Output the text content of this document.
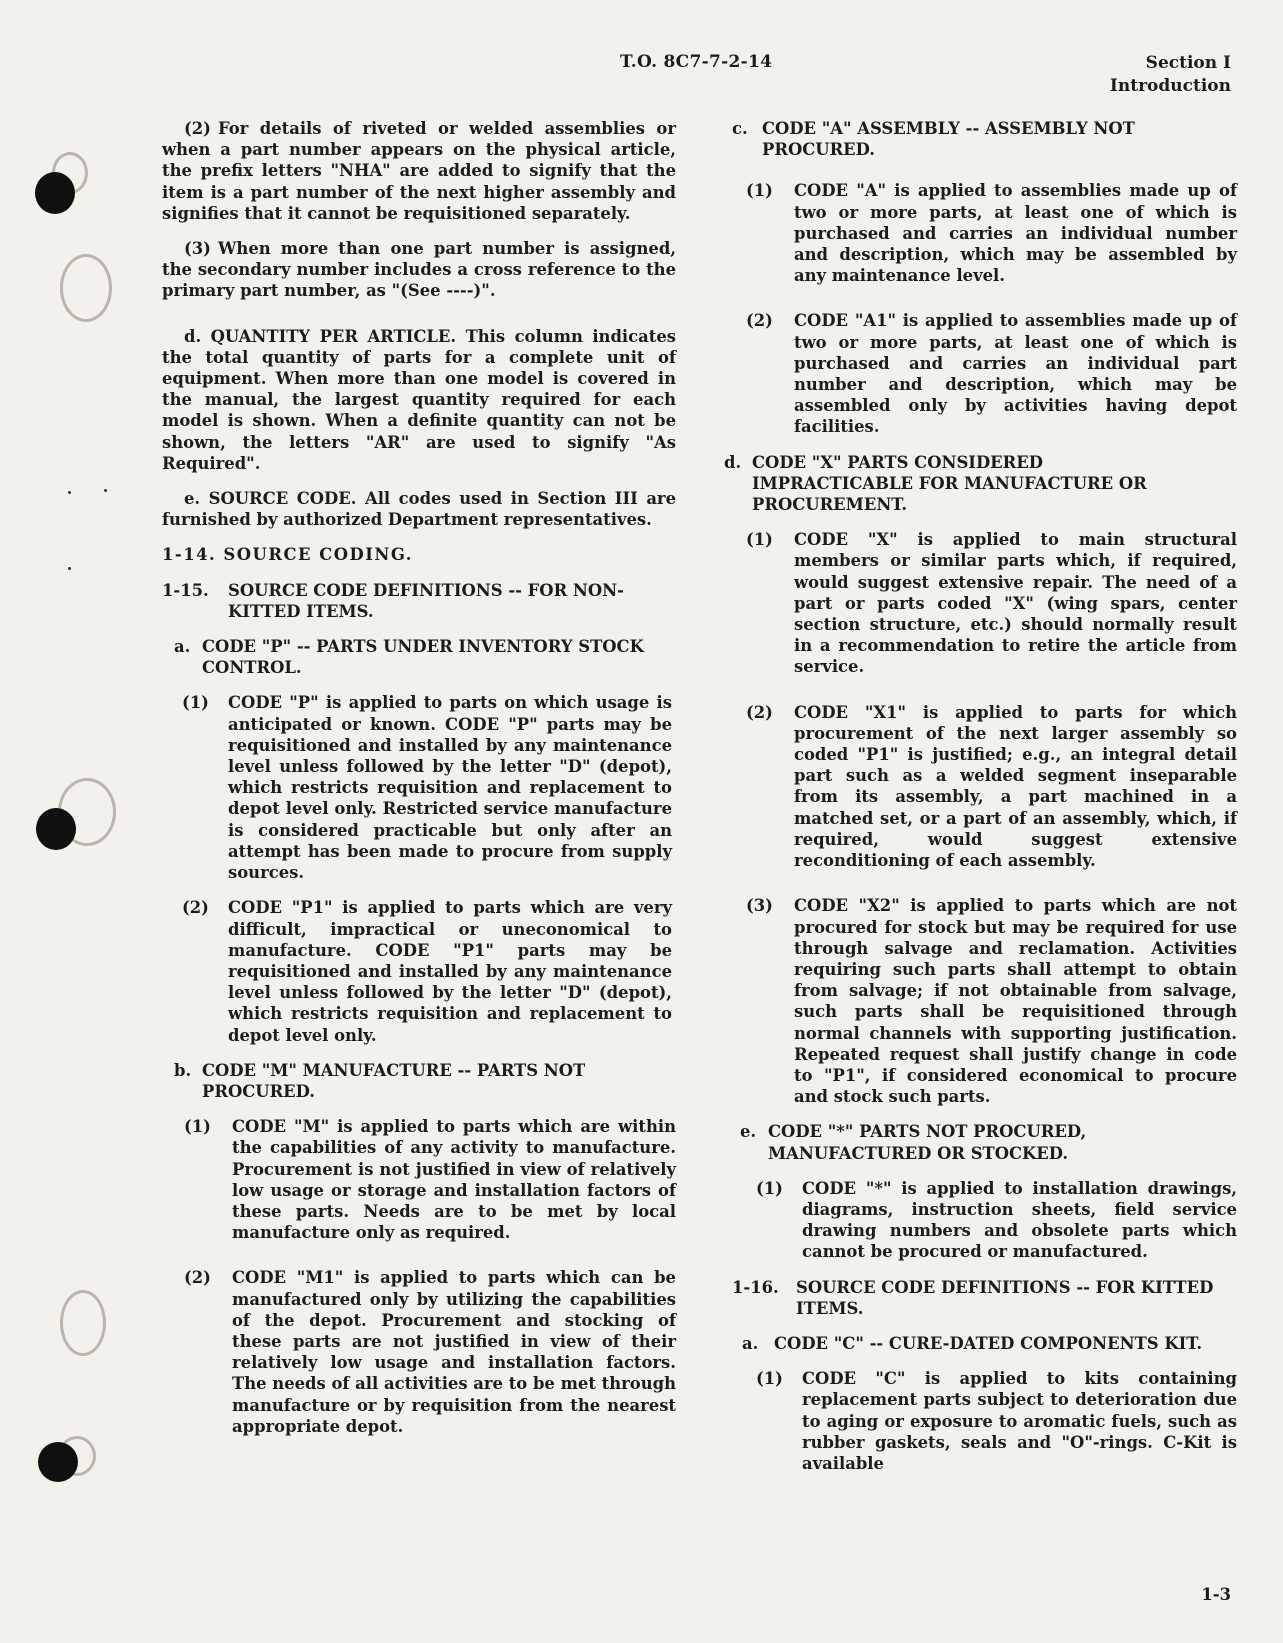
T.O. 8C7-7-2-14	Section I
Introduction
(2) For details of riveted or welded assemblies or when a part number appears on the physical article, the prefix letters "NHA" are added to signify that the item is a part number of the next higher assembly and signifies that it cannot be requisitioned separately.
(3) When more than one part number is assigned, the secondary number includes a cross reference to the primary part number, as "(See ----)".

d. QUANTITY PER ARTICLE. This column indicates the total quantity of parts for a complete unit of equipment. When more than one model is covered in the manual, the largest quantity required for each model is shown. When a definite quantity can not be shown, the letters "AR" are used to signify "As Required".

e. SOURCE CODE. All codes used in Section III are furnished by authorized Department representatives.

1-14. SOURCE CODING.
1-15.	SOURCE CODE DEFINITIONS -- FOR NON-KITTED ITEMS.
a. CODE "P" -- PARTS UNDER INVENTORY STOCK CONTROL.
(1)	CODE "P" is applied to parts on which usage is anticipated or known. CODE "P" parts may be requisitioned and installed by any maintenance level unless followed by the letter "D" (depot), which restricts requisition and replacement to depot level only. Restricted service manufacture is considered practicable but only after an attempt has been made to procure from supply sources.
(2)	CODE "P1" is applied to parts which are very difficult, impractical or uneconomical to manufacture. CODE "P1" parts may be requisitioned and installed by any maintenance level unless followed by the letter "D" (depot), which restricts requisition and replacement to depot level only.
b. CODE "M" MANUFACTURE -- PARTS NOT PROCURED.
(1)	CODE "M" is applied to parts which are within the capabilities of any activity to manufacture. Procurement is not justified in view of relatively low usage or storage and installation factors of these parts. Needs are to be met by local manufacture only as required.
(2)	CODE "M1" is applied to parts which can be manufactured only by utilizing the capabilities of the depot. Procurement and stocking of these parts are not justified in view of their relatively low usage and installation factors. The needs of all activities are to be met through manufacture or by requisition from the nearest appropriate depot.
c. CODE "A" ASSEMBLY -- ASSEMBLY NOT PROCURED.
(1)	CODE "A" is applied to assemblies made up of two or more parts, at least one of which is purchased and carries an individual number and description, which may be assembled by any maintenance level.
(2)	CODE "A1" is applied to assemblies made up of two or more parts, at least one of which is purchased and carries an individual part number and description, which may be assembled only by activities having depot facilities.
d. CODE "X" PARTS CONSIDERED IMPRACTICABLE FOR MANUFACTURE OR PROCUREMENT.
(1)	CODE "X" is applied to main structural members or similar parts which, if required, would suggest extensive repair. The need of a part or parts coded "X" (wing spars, center section structure, etc.) should normally result in a recommendation to retire the article from service.
(2)	CODE "X1" is applied to parts for which procurement of the next larger assembly so coded "P1" is justified; e.g., an integral detail part such as a welded segment inseparable from its assembly, a part machined in a matched set, or a part of an assembly, which, if required, would suggest extensive reconditioning of each assembly.
(3)	CODE "X2" is applied to parts which are not procured for stock but may be required for use through salvage and reclamation. Activities requiring such parts shall attempt to obtain from salvage; if not obtainable from salvage, such parts shall be requisitioned through normal channels with supporting justification. Repeated request shall justify change in code to "P1", if considered economical to procure and stock such parts.
e. CODE "*" PARTS NOT PROCURED, MANUFACTURED OR STOCKED.
(1)	CODE "*" is applied to installation drawings, diagrams, instruction sheets, field service drawing numbers and obsolete parts which cannot be procured or manufactured.
1-16.	SOURCE CODE DEFINITIONS -- FOR KITTED ITEMS.
a. CODE "C" -- CURE-DATED COMPONENTS KIT.
(1)	CODE "C" is applied to kits containing replacement parts subject to deterioration due to aging or exposure to aromatic fuels, such as rubber gaskets, seals and "O"-rings. C-Kit is available
1-3
